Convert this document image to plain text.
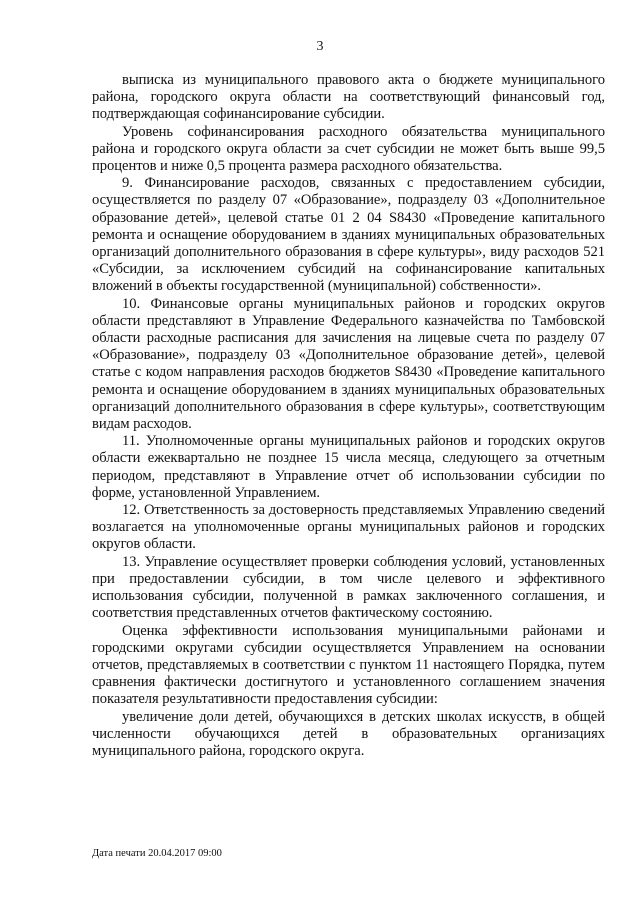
3

выписка из муниципального правового акта о бюджете муниципального района, городского округа области на соответствующий финансовый год, подтверждающая софинансирование субсидии.

Уровень софинансирования расходного обязательства муниципального района и городского округа области за счет субсидии не может быть выше 99,5 процентов и ниже 0,5 процента размера расходного обязательства.

9. Финансирование расходов, связанных с предоставлением субсидии, осуществляется по разделу 07 «Образование», подразделу 03 «Дополнительное образование детей», целевой статье 01 2 04 S8430 «Проведение капитального ремонта и оснащение оборудованием в зданиях муниципальных образовательных организаций дополнительного образования в сфере культуры», виду расходов 521 «Субсидии, за исключением субсидий на софинансирование капитальных вложений в объекты государственной (муниципальной) собственности».

10. Финансовые органы муниципальных районов и городских округов области представляют в Управление Федерального казначейства по Тамбовской области расходные расписания для зачисления на лицевые счета по разделу 07 «Образование», подразделу 03 «Дополнительное образование детей», целевой статье с кодом направления расходов бюджетов S8430 «Проведение капитального ремонта и оснащение оборудованием в зданиях муниципальных образовательных организаций дополнительного образования в сфере культуры», соответствующим видам расходов.

11. Уполномоченные органы муниципальных районов и городских округов области ежеквартально не позднее 15 числа месяца, следующего за отчетным периодом, представляют в Управление отчет об использовании субсидии по форме, установленной Управлением.

12. Ответственность за достоверность представляемых Управлению сведений возлагается на уполномоченные органы муниципальных районов и городских округов области.

13. Управление осуществляет проверки соблюдения условий, установленных при предоставлении субсидии, в том числе целевого и эффективного использования субсидии, полученной в рамках заключенного соглашения, и соответствия представленных отчетов фактическому состоянию.

Оценка эффективности использования муниципальными районами и городскими округами субсидии осуществляется Управлением на основании отчетов, представляемых в соответствии с пунктом 11 настоящего Порядка, путем сравнения фактически достигнутого и установленного соглашением значения показателя результативности предоставления субсидии:

увеличение доли детей, обучающихся в детских школах искусств, в общей численности обучающихся детей в образовательных организациях муниципального района, городского округа.

Дата печати 20.04.2017 09:00
